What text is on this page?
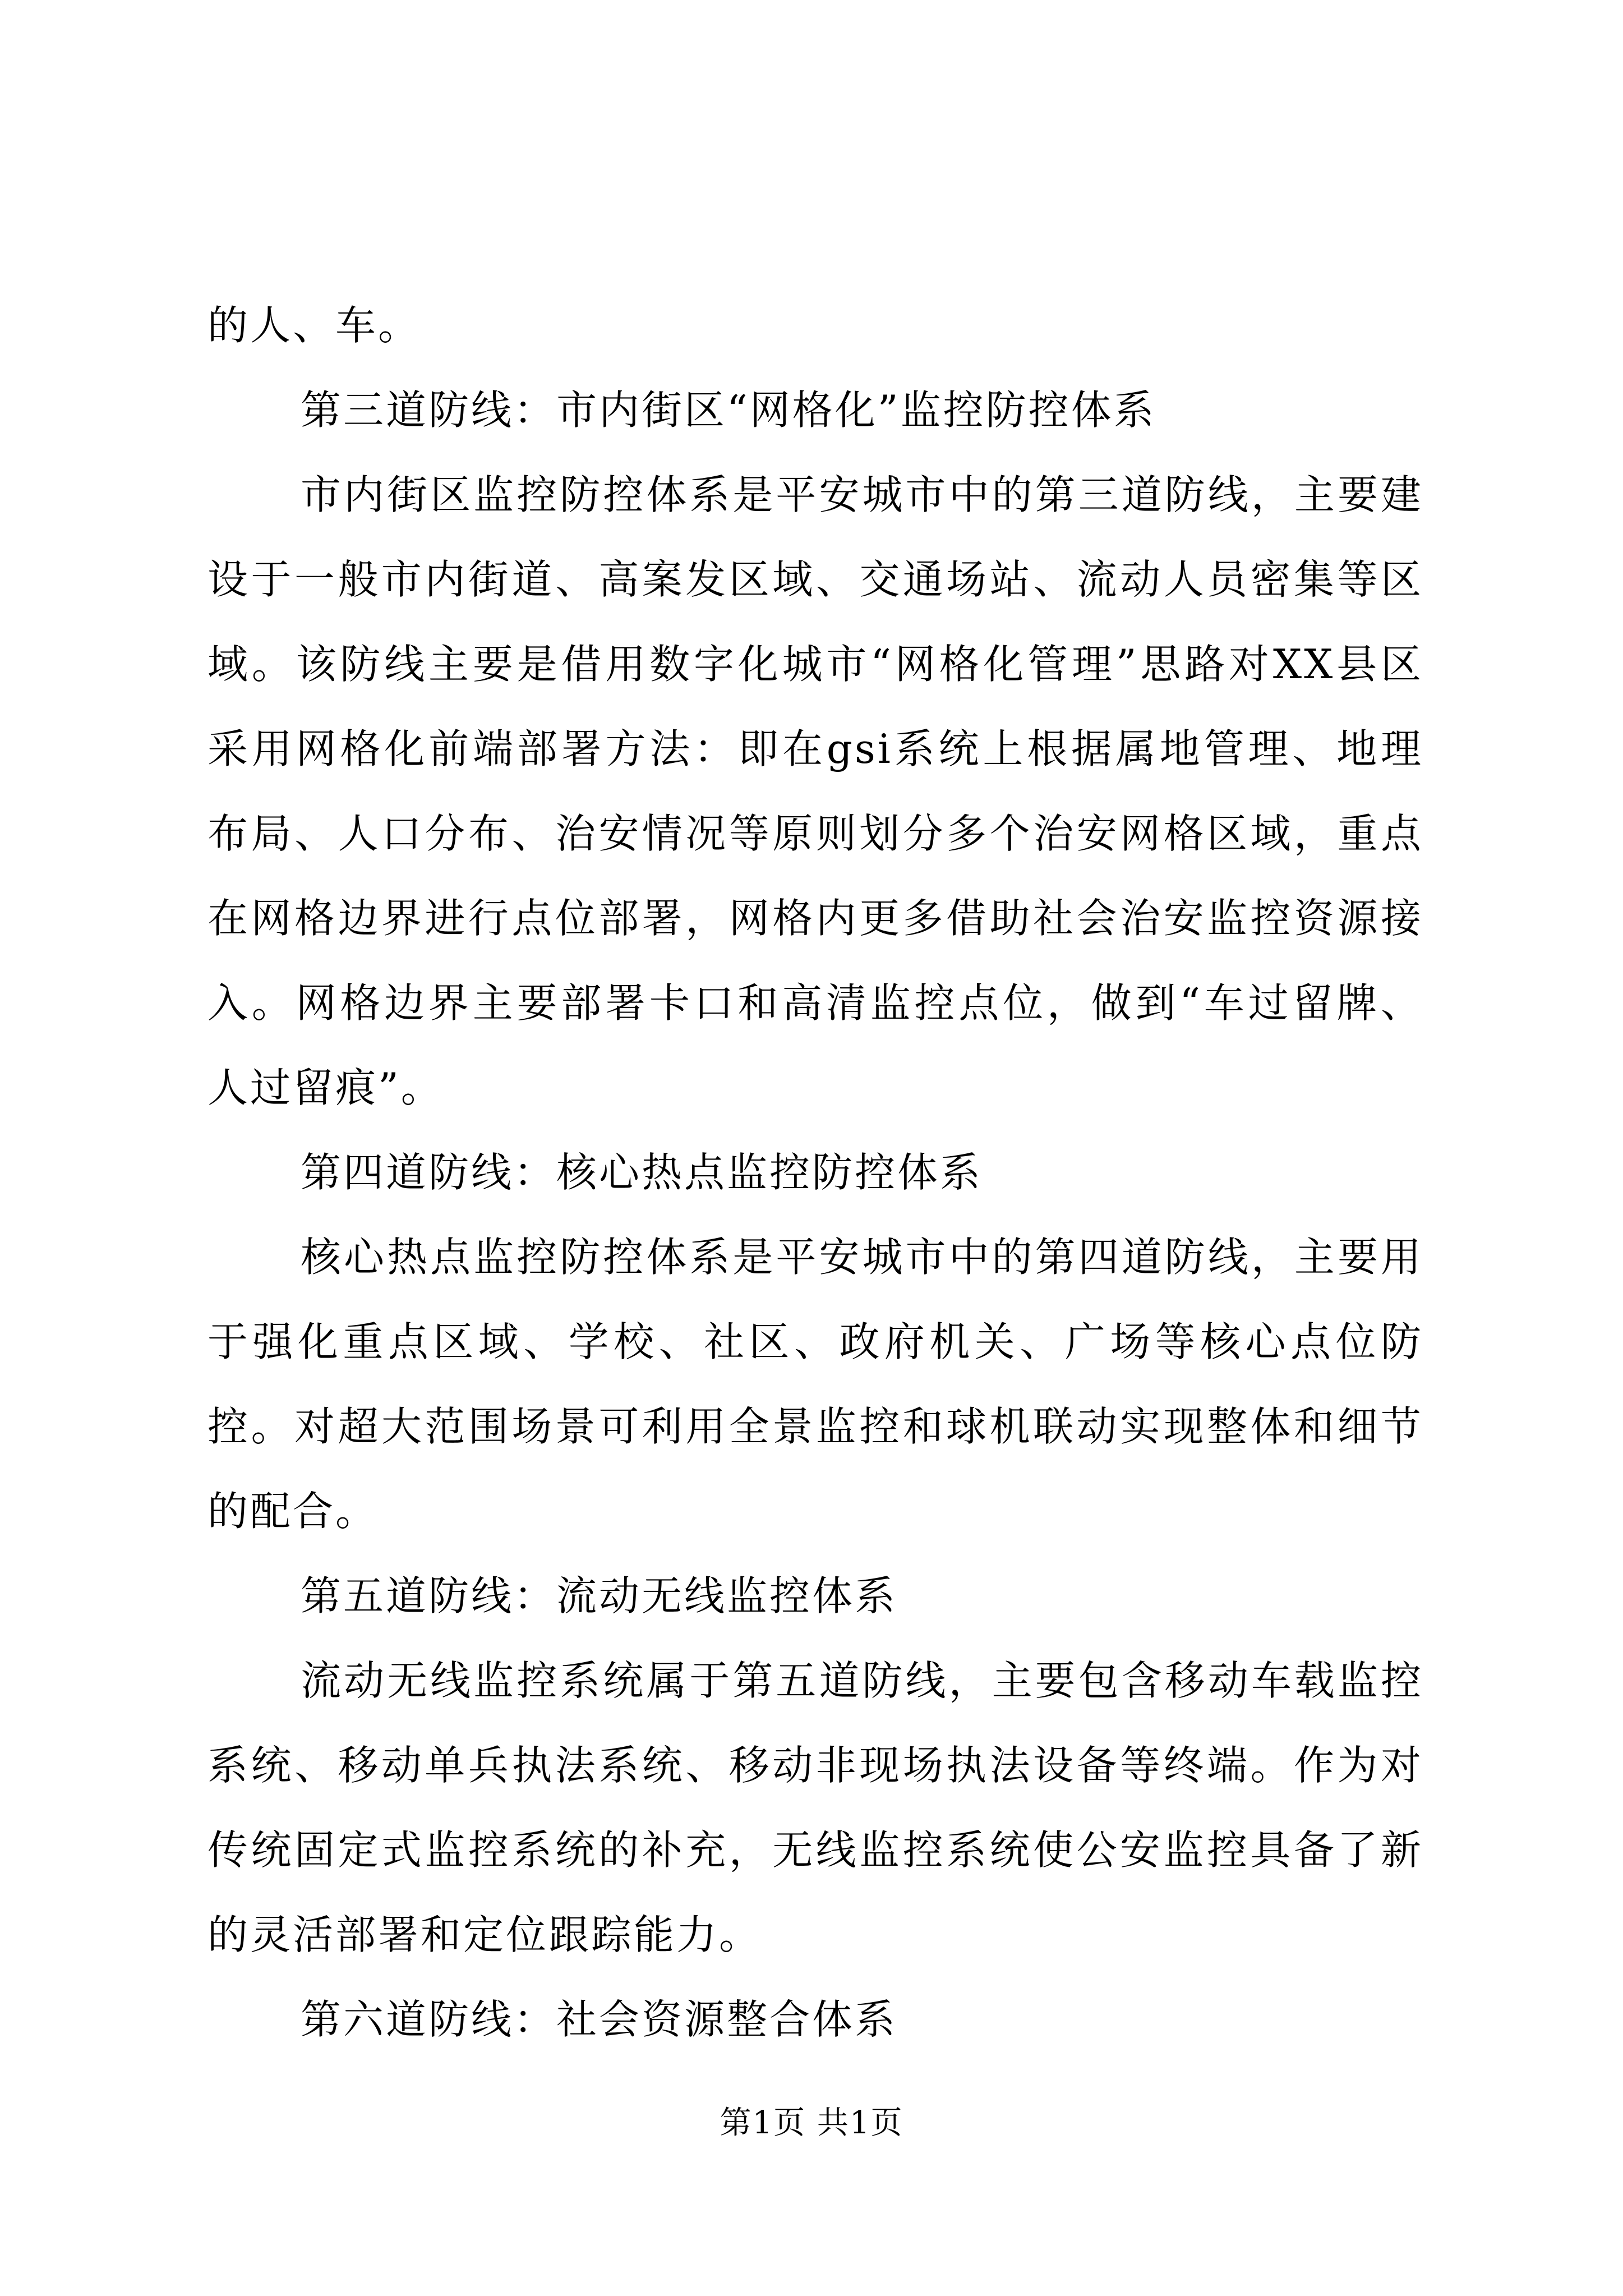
的人、车。

第三道防线：市内街区“网格化”监控防控体系

市内街区监控防控体系是平安城市中的第三道防线，主要建设于一般市内街道、高案发区域、交通场站、流动人员密集等区域。该防线主要是借用数字化城市“网格化管理”思路对XX县区采用网格化前端部署方法：即在gsi系统上根据属地管理、地理布局、人口分布、治安情况等原则划分多个治安网格区域，重点在网格边界进行点位部署，网格内更多借助社会治安监控资源接入。网格边界主要部署卡口和高清监控点位，做到“车过留牌、人过留痕”。

第四道防线：核心热点监控防控体系

核心热点监控防控体系是平安城市中的第四道防线，主要用于强化重点区域、学校、社区、政府机关、广场等核心点位防控。对超大范围场景可利用全景监控和球机联动实现整体和细节的配合。

第五道防线：流动无线监控体系

流动无线监控系统属于第五道防线，主要包含移动车载监控系统、移动单兵执法系统、移动非现场执法设备等终端。作为对传统固定式监控系统的补充，无线监控系统使公安监控具备了新的灵活部署和定位跟踪能力。

第六道防线：社会资源整合体系

第1页 共1页
